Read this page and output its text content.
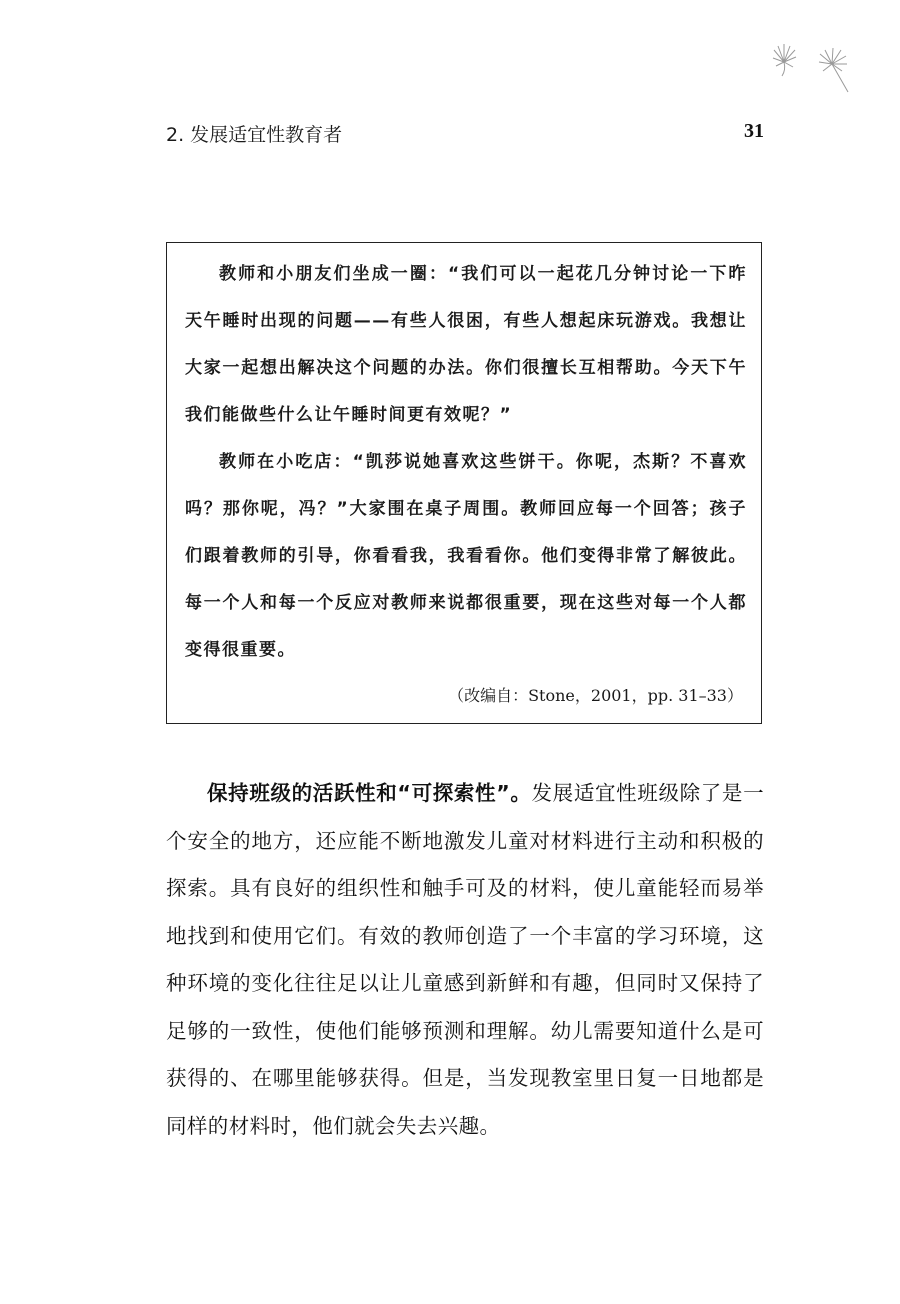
2. 发展适宜性教育者	31

教师和小朋友们坐成一圈：“我们可以一起花几分钟讨论一下昨天午睡时出现的问题——有些人很困，有些人想起床玩游戏。我想让大家一起想出解决这个问题的办法。你们很擅长互相帮助。今天下午我们能做些什么让午睡时间更有效呢？”

教师在小吃店：“凯莎说她喜欢这些饼干。你呢，杰斯？不喜欢吗？那你呢，冯？”大家围在桌子周围。教师回应每一个回答；孩子们跟着教师的引导，你看看我，我看看你。他们变得非常了解彼此。每一个人和每一个反应对教师来说都很重要，现在这些对每一个人都变得很重要。

（改编自：Stone，2001，pp. 31–33）

保持班级的活跃性和“可探索性”。发展适宜性班级除了是一个安全的地方，还应能不断地激发儿童对材料进行主动和积极的探索。具有良好的组织性和触手可及的材料，使儿童能轻而易举地找到和使用它们。有效的教师创造了一个丰富的学习环境，这种环境的变化往往足以让儿童感到新鲜和有趣，但同时又保持了足够的一致性，使他们能够预测和理解。幼儿需要知道什么是可获得的、在哪里能够获得。但是，当发现教室里日复一日地都是同样的材料时，他们就会失去兴趣。
